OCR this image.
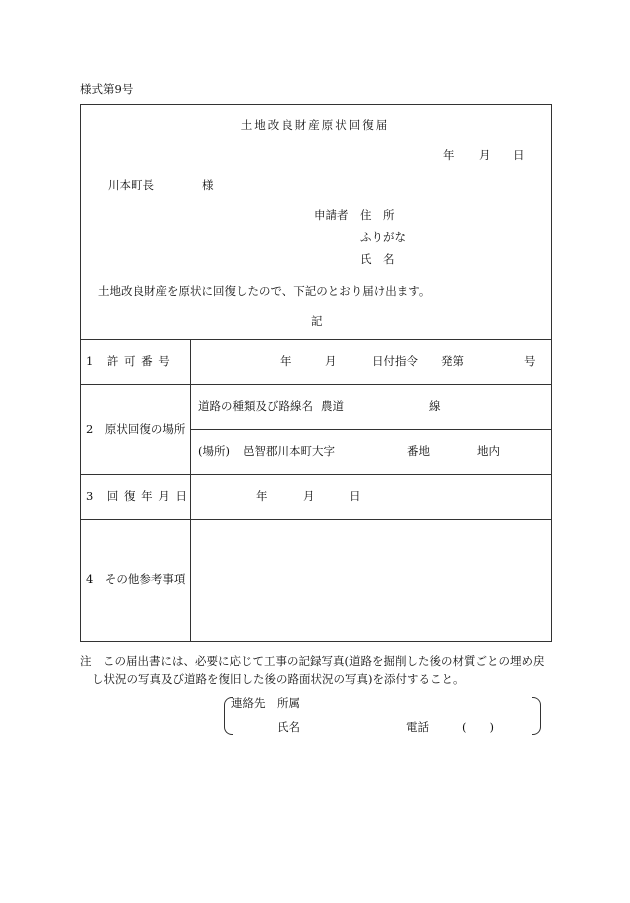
様式第9号
土地改良財産原状回復届
年 月 日
川本町長	様
申請者 住　所
ふりがな
氏　名
土地改良財産を原状に回復したので、下記のとおり届け出ます。
記
1　許 可 番 号	年	月	日付指令 発第	号
2　原状回復の場所
道路の種類及び路線名 農道	線
(場所) 邑智郡川本町大字	番地	地内
3　回 復 年 月 日	年	月	日
4　その他参考事項
注 この届出書には、必要に応じて工事の記録写真(道路を掘削した後の材質ごとの埋め戻
し状況の写真及び道路を復旧した後の路面状況の写真)を添付すること。
連絡先 所属
氏名	電話	(　　)
